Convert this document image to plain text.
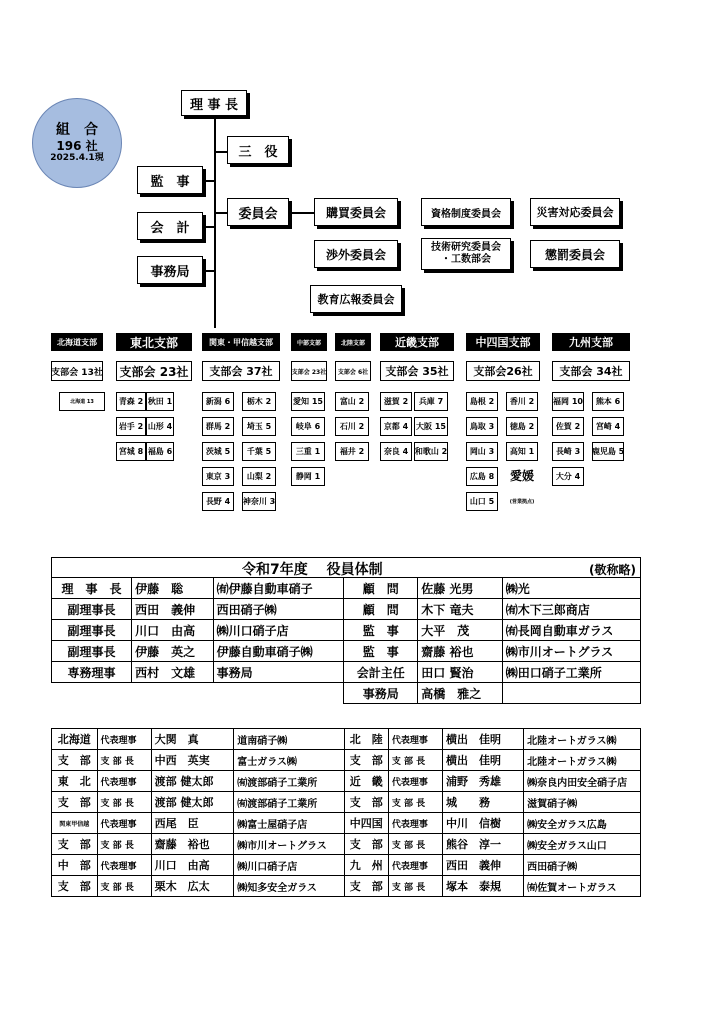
組　合
196 社
2025.4.1現
理 事 長
三　役
監　事
会　計
事務局
委員会	購買委員会	資格制度委員会	災害対応委員会
渉外委員会	技術研究委員会
・工数部会	懲罰委員会
教育広報委員会
北海道支部
支部会 13社
北海道 13
東北支部
支部会 23社
青森 2 秋田 1
岩手 2 山形 4
宮城 8 福島 6
関東・甲信越支部
支部会 37社
新潟 6	栃木 2
群馬 2	埼玉 5
茨城 5	千葉 5
東京 3	山梨 2
長野 4	神奈川 3
中部支部
支部会 23社
愛知 15
岐阜 6
三重 1
静岡 1
北陸支部
支部会 6社
富山 2
石川 2
福井 2
近畿支部
支部会 35社
滋賀 2	兵庫 7
京都 4 大阪 15
奈良 4 和歌山 2
中四国支部
支部会26社
島根 2	香川 2
鳥取 3	徳島 2
岡山 3	高知 1
広島 8	愛媛
山口 5	(営業拠点)
九州支部
支部会 34社
福岡 10	熊本 6
佐賀 2	宮崎 4
長崎 3	鹿児島 5
大分 4
令和7年度　 役員体制	(敬称略)
理　事　長	伊藤　聡	㈲伊藤自動車硝子	顧　問	佐藤 光男	㈱光
副理事長	西田　義伸	西田硝子㈱	顧　問	木下 竜夫	㈲木下三郎商店
副理事長	川口　由高	㈱川口硝子店	監　事	大平　茂	㈲長岡自動車ガラス
副理事長	伊藤　英之	伊藤自動車硝子㈱	監　事	齋藤 裕也	㈱市川オートグラス
専務理事	西村　文雄	事務局	会計主任	田口 賢治	㈱田口硝子工業所
			事務局	高橋　雅之	
北海道	代表理事	大関　真	道南硝子㈱	北　陸	代表理事	横出　佳明	北陸オートガラス㈱
支　部	支 部 長	中西　英実	富士ガラス㈱	支　部	支 部 長	横出　佳明	北陸オートガラス㈱
東　北	代表理事	渡部 健太郎	㈲渡部硝子工業所	近　畿	代表理事	浦野　秀雄	㈱奈良内田安全硝子店
支　部	支 部 長	渡部 健太郎	㈲渡部硝子工業所	支　部	支 部 長	城　　務	滋賀硝子㈱
関東甲信越	代表理事	西尾　臣	㈱富士屋硝子店	中四国	代表理事	中川　信樹	㈱安全ガラス広島
支　部	支 部 長	齋藤　裕也	㈱市川オートグラス	支　部	支 部 長	熊谷　淳一	㈱安全ガラス山口
中　部	代表理事	川口　由高	㈱川口硝子店	九　州	代表理事	西田　義伸	西田硝子㈱
支　部	支 部 長	栗木　広太	㈱知多安全ガラス	支　部	支 部 長	塚本　泰規	㈲佐賀オートガラス
